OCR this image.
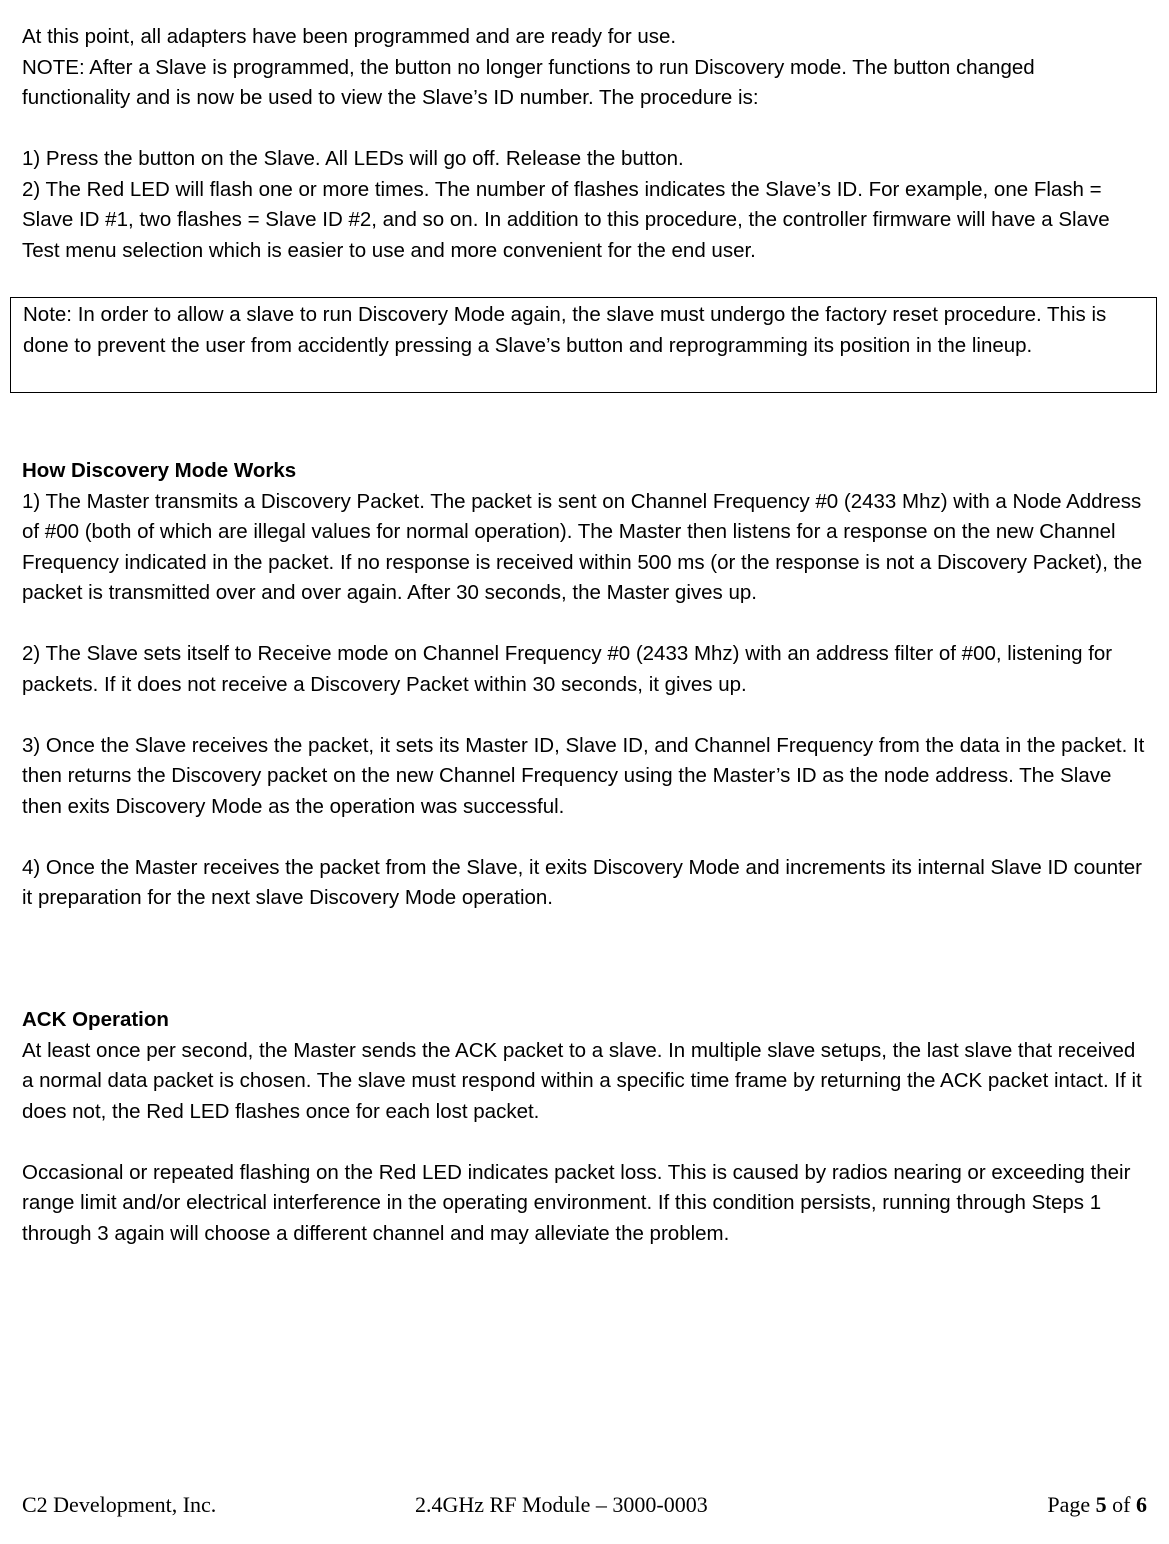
At this point, all adapters have been programmed and are ready for use.

NOTE: After a Slave is programmed, the button no longer functions to run Discovery mode. The button changed functionality and is now be used to view the Slave’s ID number. The procedure is:

1) Press the button on the Slave. All LEDs will go off. Release the button.

2) The Red LED will flash one or more times. The number of flashes indicates the Slave’s ID. For example, one Flash = Slave ID #1, two flashes = Slave ID #2, and so on. In addition to this procedure, the controller firmware will have a Slave Test menu selection which is easier to use and more convenient for the end user.

Note: In order to allow a slave to run Discovery Mode again, the slave must undergo the factory reset procedure. This is done to prevent the user from accidently pressing a Slave’s button and reprogramming its position in the lineup.

How Discovery Mode Works

1) The Master transmits a Discovery Packet. The packet is sent on Channel Frequency #0 (2433 Mhz) with a Node Address of #00 (both of which are illegal values for normal operation). The Master then listens for a response on the new Channel Frequency indicated in the packet. If no response is received within 500 ms (or the response is not a Discovery Packet), the packet is transmitted over and over again. After 30 seconds, the Master gives up.

2) The Slave sets itself to Receive mode on Channel Frequency #0 (2433 Mhz) with an address filter of #00, listening for packets. If it does not receive a Discovery Packet within 30 seconds, it gives up.

3) Once the Slave receives the packet, it sets its Master ID, Slave ID, and Channel Frequency from the data in the packet. It then returns the Discovery packet on the new Channel Frequency using the Master’s ID as the node address. The Slave then exits Discovery Mode as the operation was successful.

4) Once the Master receives the packet from the Slave, it exits Discovery Mode and increments its internal Slave ID counter it preparation for the next slave Discovery Mode operation.

ACK Operation

At least once per second, the Master sends the ACK packet to a slave. In multiple slave setups, the last slave that received a normal data packet is chosen. The slave must respond within a specific time frame by returning the ACK packet intact. If it does not, the Red LED flashes once for each lost packet.

Occasional or repeated flashing on the Red LED indicates packet loss. This is caused by radios nearing or exceeding their range limit and/or electrical interference in the operating environment. If this condition persists, running through Steps 1 through 3 again will choose a different channel and may alleviate the problem.

C2 Development, Inc.	2.4GHz RF Module – 3000-0003	Page 5 of 6
